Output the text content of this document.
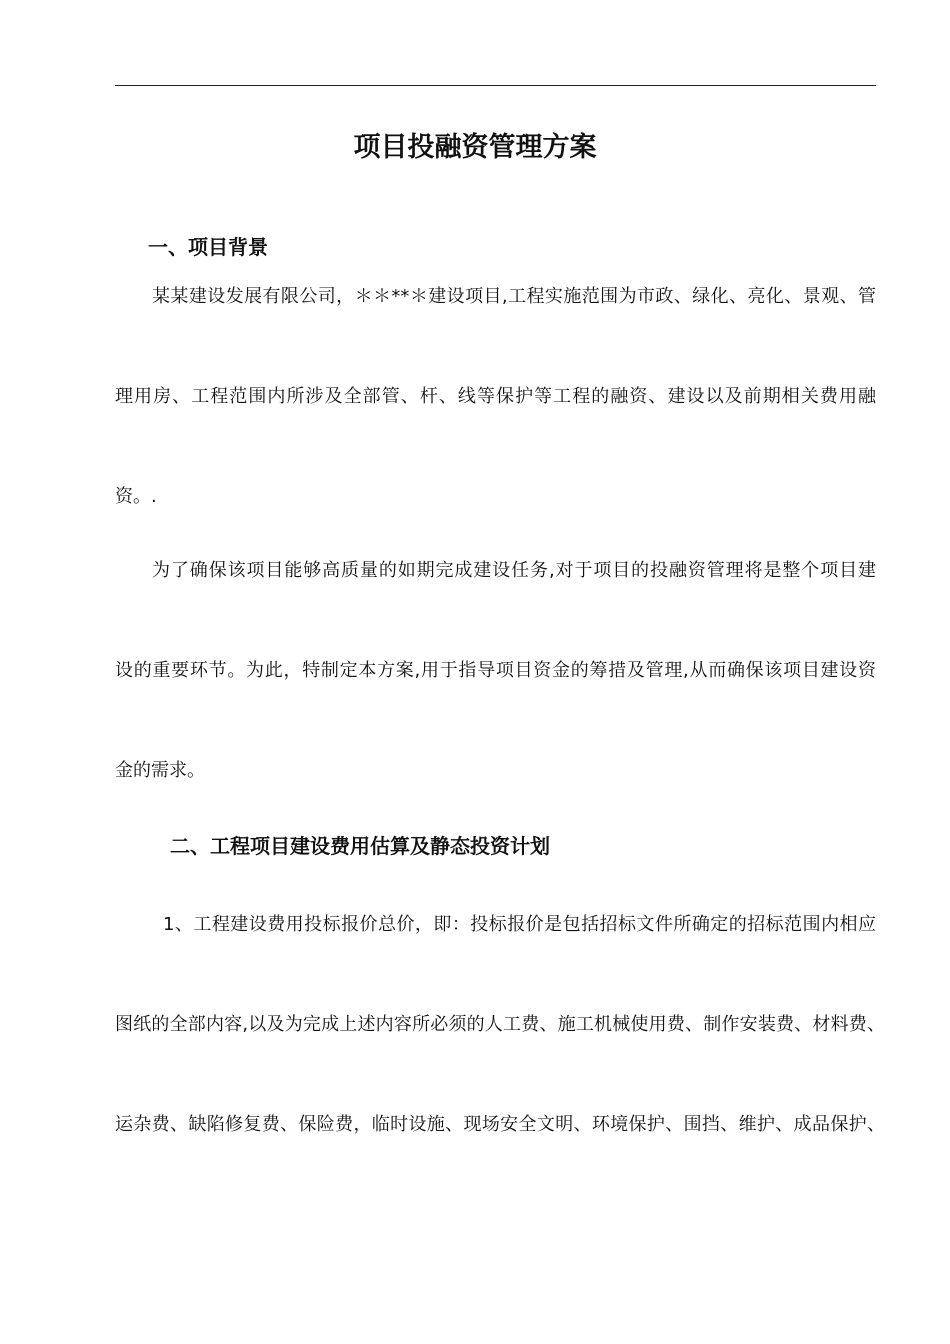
项目投融资管理方案
一、项目背景
某某建设发展有限公司，＊＊**＊建设项目,工程实施范围为市政、绿化、亮化、景观、管
理用房、工程范围内所涉及全部管、杆、线等保护等工程的融资、建设以及前期相关费用融
资。.
为了确保该项目能够高质量的如期完成建设任务,对于项目的投融资管理将是整个项目建
设的重要环节。为此，特制定本方案,用于指导项目资金的筹措及管理,从而确保该项目建设资
金的需求。
二、工程项目建设费用估算及静态投资计划
1、工程建设费用投标报价总价，即：投标报价是包括招标文件所确定的招标范围内相应
图纸的全部内容,以及为完成上述内容所必须的人工费、施工机械使用费、制作安装费、材料费、
运杂费、缺陷修复费、保险费，临时设施、现场安全文明、环境保护、围挡、维护、成品保护、
